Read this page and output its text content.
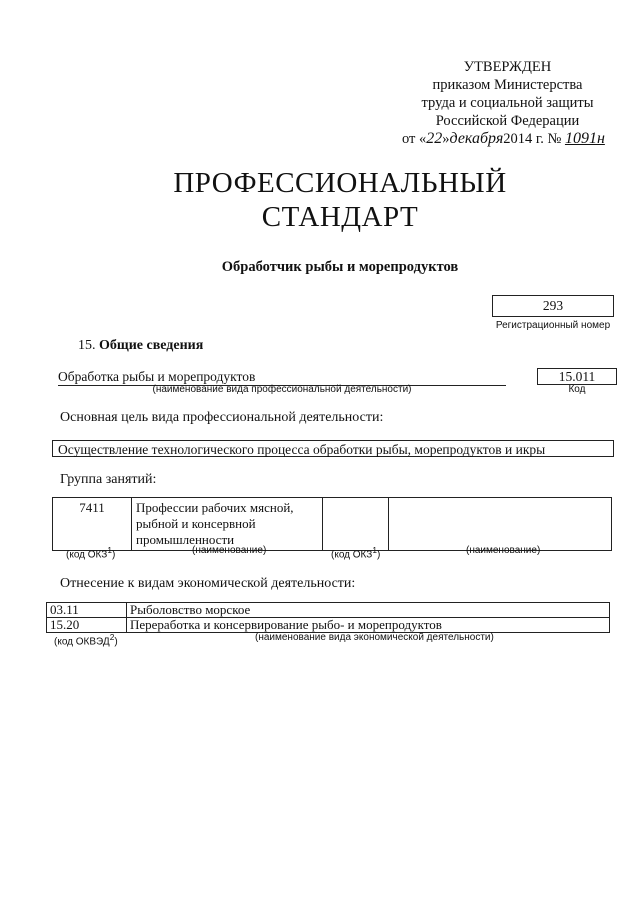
УТВЕРЖДЕН
приказом Министерства
труда и социальной защиты
Российской Федерации
от «22»декабря2014 г. № 1091н
ПРОФЕССИОНАЛЬНЫЙ
СТАНДАРТ
Обработчик рыбы и морепродуктов
293
Регистрационный номер
15. Общие сведения
Обработка рыбы и морепродуктов
(наименование вида профессиональной деятельности)
15.011
Код
Основная цель вида профессиональной деятельности:
Осуществление технологического процесса обработки рыбы, морепродуктов и икры
Группа занятий:
7411	Профессии рабочих мясной,
рыбной и консервной
промышленности

(код ОКЗ$^1$)	(наименование)	(код ОКЗ$^1$)	(наименование)
Отнесение к видам экономической деятельности:
03.11	Рыболовство морское
15.20	Переработка и консервирование рыбо- и морепродуктов
(код ОКВЭД$^2$)	(наименование вида экономической деятельности)
